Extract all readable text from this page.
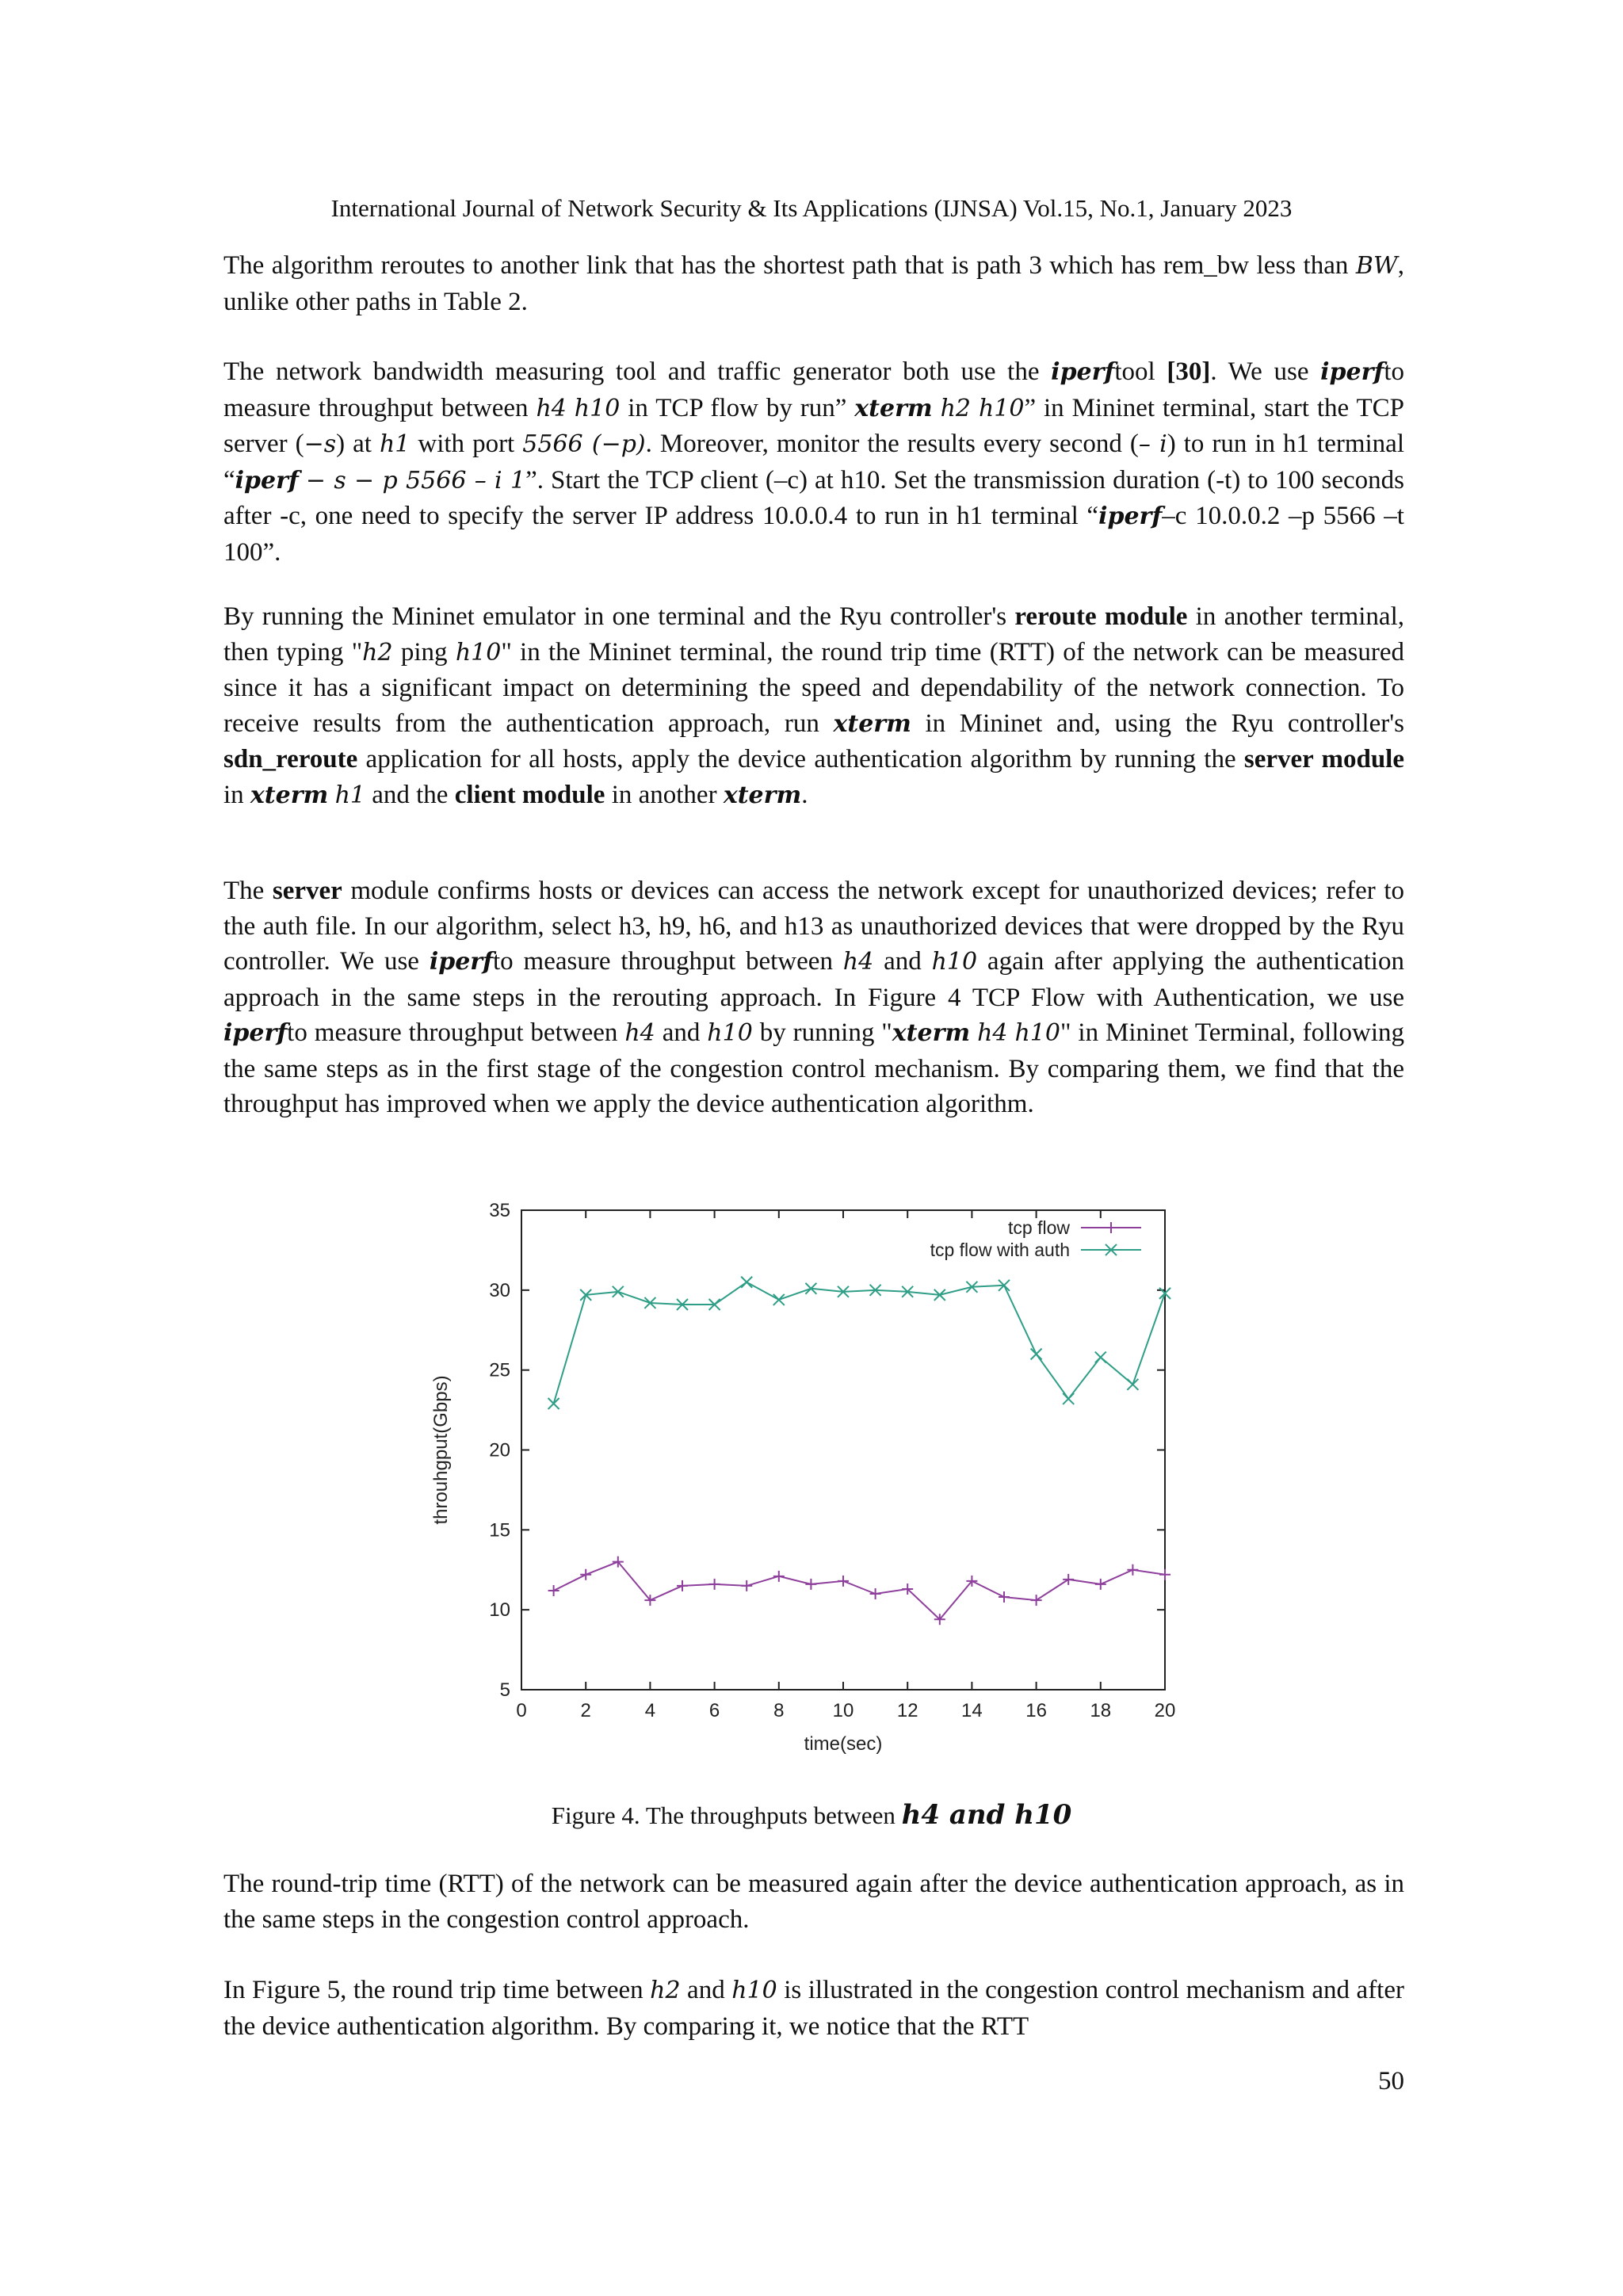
International Journal of Network Security & Its Applications (IJNSA) Vol.15, No.1, January 2023

The algorithm reroutes to another link that has the shortest path that is path 3 which has rem_bw less than BW, unlike other paths in Table 2.

The network bandwidth measuring tool and traffic generator both use the iperftool [30]. We use iperfto measure throughput between h4 h10 in TCP flow by run” xterm h2 h10” in Mininet terminal, start the TCP server (−s) at h1 with port 5566 (−p). Moreover, monitor the results every second (– i) to run in h1 terminal “iperf − s − p 5566 – i 1”. Start the TCP client (–c) at h10. Set the transmission duration (-t) to 100 seconds after -c, one need to specify the server IP address 10.0.0.4 to run in h1 terminal “iperf–c 10.0.0.2 –p 5566 –t 100”.

By running the Mininet emulator in one terminal and the Ryu controller's reroute module in another terminal, then typing "h2 ping h10" in the Mininet terminal, the round trip time (RTT) of the network can be measured since it has a significant impact on determining the speed and dependability of the network connection. To receive results from the authentication approach, run xterm in Mininet and, using the Ryu controller's sdn_reroute application for all hosts, apply the device authentication algorithm by running the server module in xterm h1 and the client module in another xterm.

The server module confirms hosts or devices can access the network except for unauthorized devices; refer to the auth file. In our algorithm, select h3, h9, h6, and h13 as unauthorized devices that were dropped by the Ryu controller. We use iperfto measure throughput between h4 and h10 again after applying the authentication approach in the same steps in the rerouting approach. In Figure 4 TCP Flow with Authentication, we use iperfto measure throughput between h4 and h10 by running "xterm h4 h10" in Mininet Terminal, following the same steps as in the first stage of the congestion control mechanism. By comparing them, we find that the throughput has improved when we apply the device authentication algorithm.

0	2	4	6	8	10 12 14 16 18 20
5
10
15
20
25
30
35
time(sec)
throuhgput(Gbps)
tcp flow
tcp flow with auth
Figure 4. The throughputs between h4 and h10

The round-trip time (RTT) of the network can be measured again after the device authentication approach, as in the same steps in the congestion control approach.

In Figure 5, the round trip time between h2 and h10 is illustrated in the congestion control mechanism and after the device authentication algorithm. By comparing it, we notice that the RTT

50
